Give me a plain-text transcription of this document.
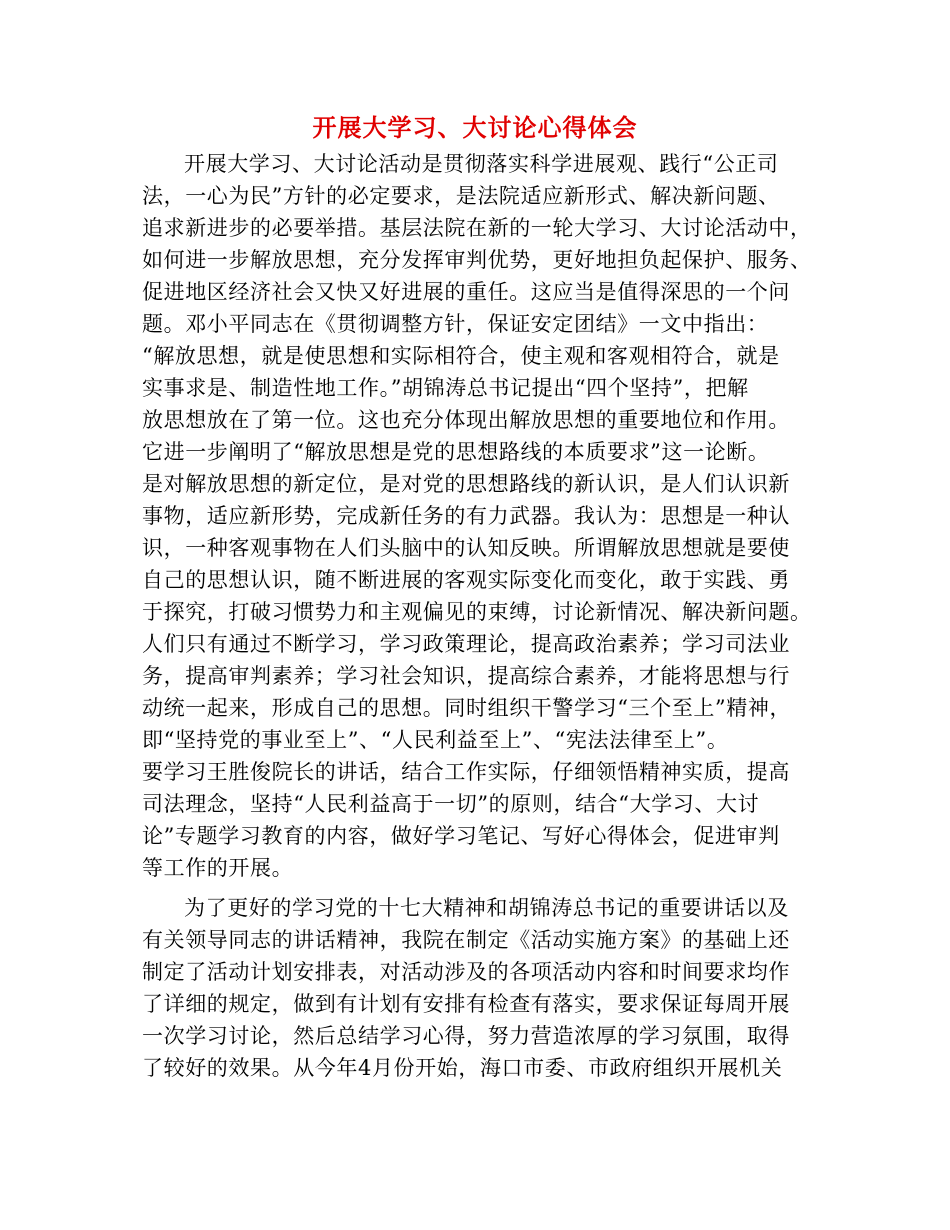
开展大学习、大讨论心得体会
开展大学习、大讨论活动是贯彻落实科学进展观、践行“公正司
法，一心为民”方针的必定要求，是法院适应新形式、解决新问题、
追求新进步的必要举措。基层法院在新的一轮大学习、大讨论活动中，
如何进一步解放思想，充分发挥审判优势，更好地担负起保护、服务、
促进地区经济社会又快又好进展的重任。这应当是值得深思的一个问
题。邓小平同志在《贯彻调整方针，保证安定团结》一文中指出：
“解放思想，就是使思想和实际相符合，使主观和客观相符合，就是
实事求是、制造性地工作。”胡锦涛总书记提出“四个坚持”，把解
放思想放在了第一位。这也充分体现出解放思想的重要地位和作用。
它进一步阐明了“解放思想是党的思想路线的本质要求”这一论断。
是对解放思想的新定位，是对党的思想路线的新认识，是人们认识新
事物，适应新形势，完成新任务的有力武器。我认为：思想是一种认
识，一种客观事物在人们头脑中的认知反映。所谓解放思想就是要使
自己的思想认识，随不断进展的客观实际变化而变化，敢于实践、勇
于探究，打破习惯势力和主观偏见的束缚，讨论新情况、解决新问题。
人们只有通过不断学习，学习政策理论，提高政治素养；学习司法业
务，提高审判素养；学习社会知识，提高综合素养，才能将思想与行
动统一起来，形成自己的思想。同时组织干警学习“三个至上”精神，
即“坚持党的事业至上”、“人民利益至上”、“宪法法律至上”。
要学习王胜俊院长的讲话，结合工作实际，仔细领悟精神实质，提高
司法理念，坚持“人民利益高于一切”的原则，结合“大学习、大讨
论”专题学习教育的内容，做好学习笔记、写好心得体会，促进审判
等工作的开展。
为了更好的学习党的十七大精神和胡锦涛总书记的重要讲话以及
有关领导同志的讲话精神，我院在制定《活动实施方案》的基础上还
制定了活动计划安排表，对活动涉及的各项活动内容和时间要求均作
了详细的规定，做到有计划有安排有检查有落实，要求保证每周开展
一次学习讨论，然后总结学习心得，努力营造浓厚的学习氛围，取得
了较好的效果。从今年4月份开始，海口市委、市政府组织开展机关
